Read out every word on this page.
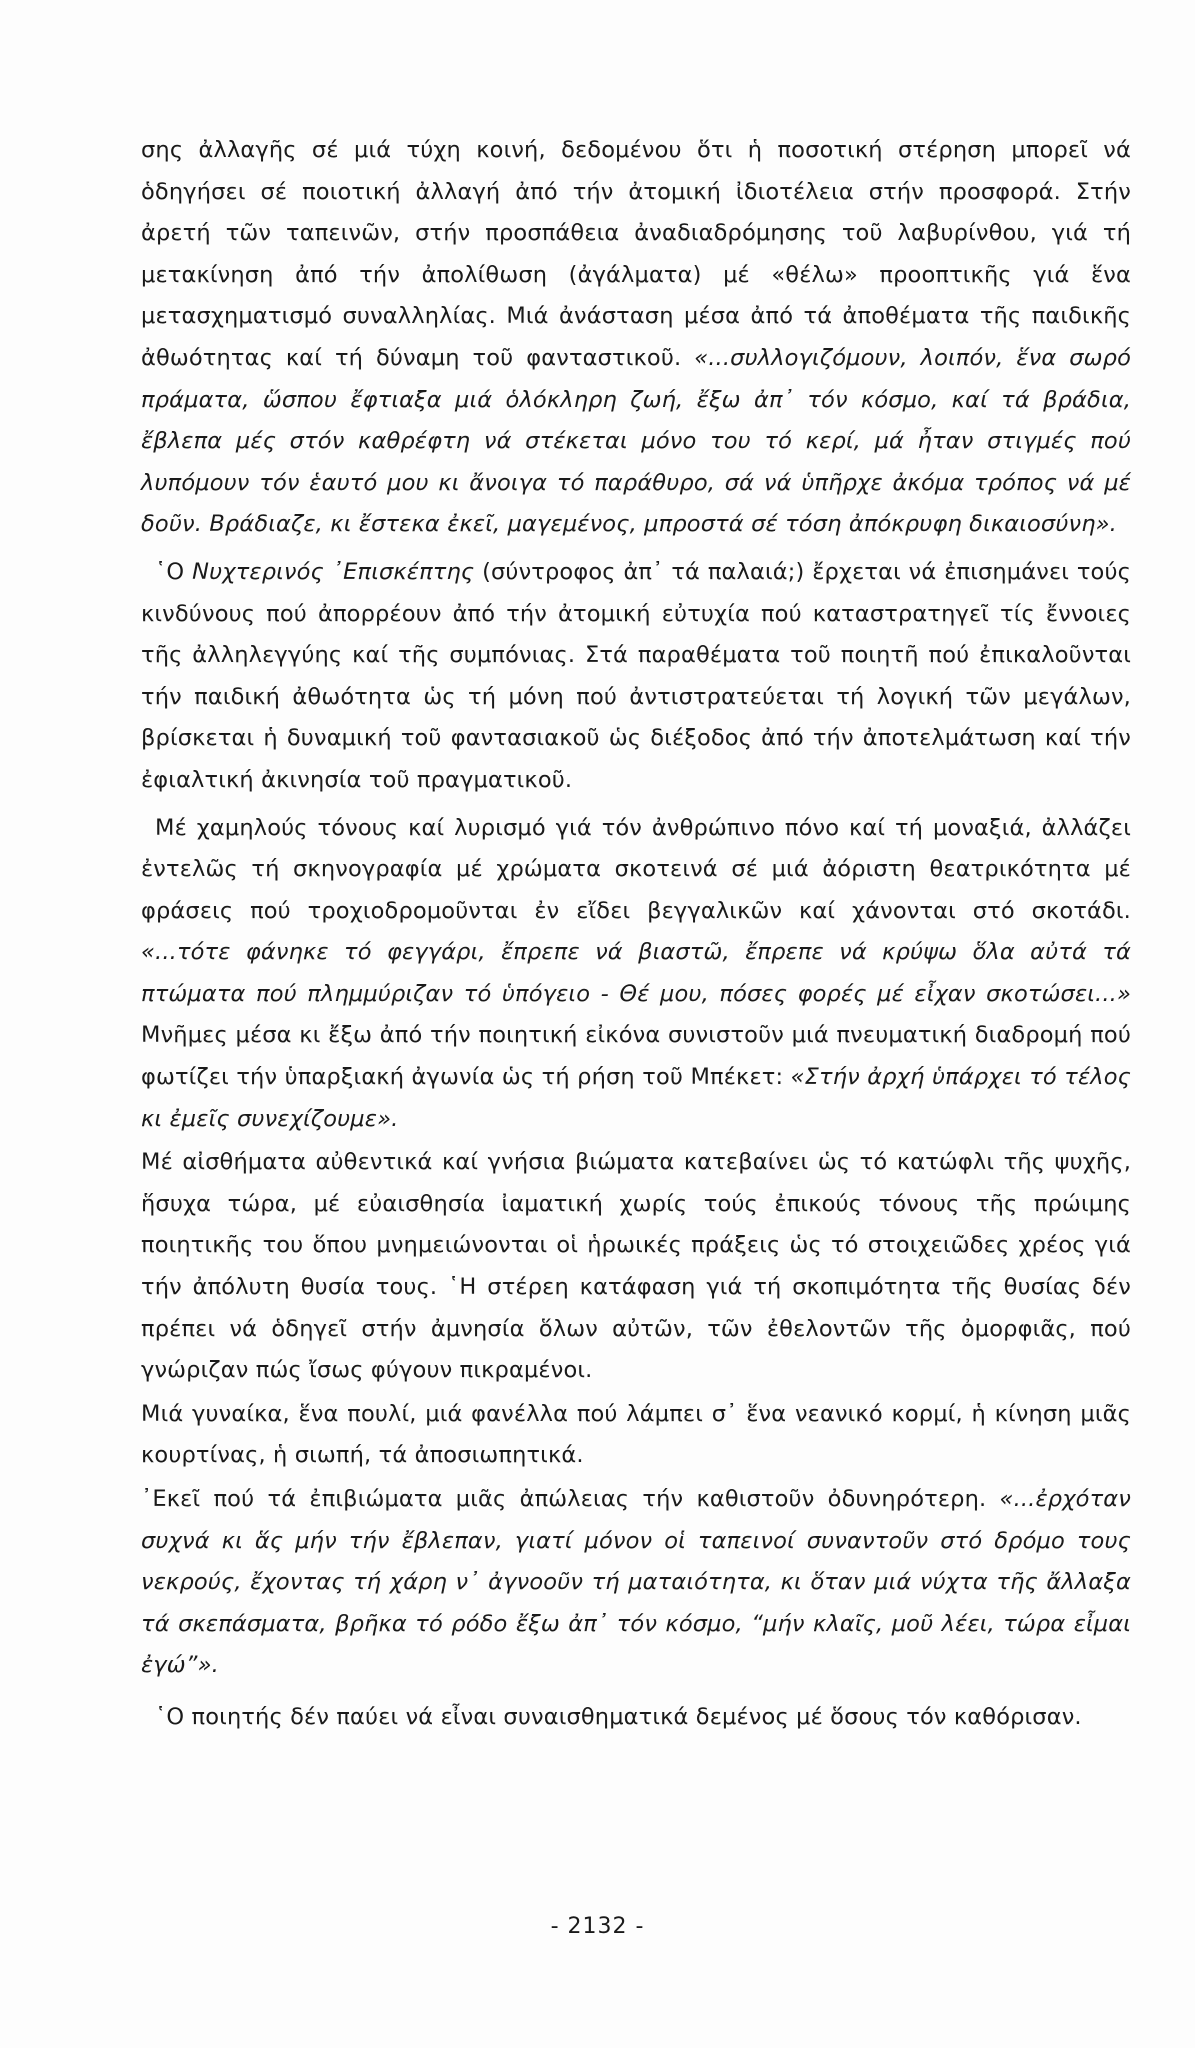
σης ἀλλαγῆς σέ μιά τύχη κοινή, δεδομένου ὅτι ἡ ποσοτική στέρηση μπορεῖ νά ὁδηγήσει σέ ποιοτική ἀλλαγή ἀπό τήν ἀτομική ἰδιοτέλεια στήν προσφορά. Στήν ἀρετή τῶν ταπεινῶν, στήν προσπάθεια ἀναδιαδρόμησης τοῦ λαβυρίνθου, γιά τή μετακίνηση ἀπό τήν ἀπολίθωση (ἀγάλματα) μέ «θέλω» προοπτικῆς γιά ἕνα μετασχηματισμό συναλληλίας. Μιά ἀνάσταση μέσα ἀπό τά ἀποθέματα τῆς παιδικῆς ἀθωότητας καί τή δύναμη τοῦ φανταστικοῦ. «...συλλογιζόμουν, λοιπόν, ἕνα σωρό πράματα, ὥσπου ἔφτιαξα μιά ὁλόκληρη ζωή, ἔξω ἀπ᾽ τόν κόσμο, καί τά βράδια, ἔβλεπα μές στόν καθρέφτη νά στέκεται μόνο του τό κερί, μά ἦταν στιγμές πού λυπόμουν τόν ἑαυτό μου κι ἄνοιγα τό παράθυρο, σά νά ὑπῆρχε ἀκόμα τρόπος νά μέ δοῦν. Βράδιαζε, κι ἔστεκα ἐκεῖ, μαγεμένος, μπροστά σέ τόση ἀπόκρυφη δικαιοσύνη».

῾Ο Νυχτερινός ᾽Επισκέπτης (σύντροφος ἀπ᾽ τά παλαιά;) ἔρχεται νά ἐπισημάνει τούς κινδύνους πού ἀπορρέουν ἀπό τήν ἀτομική εὐτυχία πού καταστρατηγεῖ τίς ἔννοιες τῆς ἀλληλεγγύης καί τῆς συμπόνιας. Στά παραθέματα τοῦ ποιητῆ πού ἐπικαλοῦνται τήν παιδική ἀθωότητα ὡς τή μόνη πού ἀντιστρατεύεται τή λογική τῶν μεγάλων, βρίσκεται ἡ δυναμική τοῦ φαντασιακοῦ ὡς διέξοδος ἀπό τήν ἀποτελμάτωση καί τήν ἐφιαλτική ἀκινησία τοῦ πραγματικοῦ.

Μέ χαμηλούς τόνους καί λυρισμό γιά τόν ἀνθρώπινο πόνο καί τή μοναξιά, ἀλλάζει ἐντελῶς τή σκηνογραφία μέ χρώματα σκοτεινά σέ μιά ἀόριστη θεατρικότητα μέ φράσεις πού τροχιοδρομοῦνται ἐν εἴδει βεγγαλικῶν καί χάνονται στό σκοτάδι. «...τότε φάνηκε τό φεγγάρι, ἔπρεπε νά βιαστῶ, ἔπρεπε νά κρύψω ὅλα αὐτά τά πτώματα πού πλημμύριζαν τό ὑπόγειο - Θέ μου, πόσες φορές μέ εἶχαν σκοτώσει...» Μνῆμες μέσα κι ἔξω ἀπό τήν ποιητική εἰκόνα συνιστοῦν μιά πνευματική διαδρομή πού φωτίζει τήν ὑπαρξιακή ἀγωνία ὡς τή ρήση τοῦ Μπέκετ: «Στήν ἀρχή ὑπάρχει τό τέλος κι ἐμεῖς συνεχίζουμε».

Μέ αἰσθήματα αὐθεντικά καί γνήσια βιώματα κατεβαίνει ὡς τό κατώφλι τῆς ψυχῆς, ἥσυχα τώρα, μέ εὐαισθησία ἰαματική χωρίς τούς ἐπικούς τόνους τῆς πρώιμης ποιητικῆς του ὅπου μνημειώνονται οἱ ἡρωικές πράξεις ὡς τό στοιχειῶδες χρέος γιά τήν ἀπόλυτη θυσία τους. ῾Η στέρεη κατάφαση γιά τή σκοπιμότητα τῆς θυσίας δέν πρέπει νά ὁδηγεῖ στήν ἀμνησία ὅλων αὐτῶν, τῶν ἐθελοντῶν τῆς ὀμορφιᾶς, πού γνώριζαν πώς ἴσως φύγουν πικραμένοι.

Μιά γυναίκα, ἕνα πουλί, μιά φανέλλα πού λάμπει σ᾽ ἕνα νεανικό κορμί, ἡ κίνηση μιᾶς κουρτίνας, ἡ σιωπή, τά ἀποσιωπητικά.

᾽Εκεῖ πού τά ἐπιβιώματα μιᾶς ἀπώλειας τήν καθιστοῦν ὀδυνηρότερη. «...ἐρχόταν συχνά κι ἅς μήν τήν ἔβλεπαν, γιατί μόνον οἱ ταπεινοί συναντοῦν στό δρόμο τους νεκρούς, ἔχοντας τή χάρη ν᾽ ἀγνοοῦν τή ματαιότητα, κι ὅταν μιά νύχτα τῆς ἄλλαξα τά σκεπάσματα, βρῆκα τό ρόδο ἔξω ἀπ᾽ τόν κόσμο, “μήν κλαῖς, μοῦ λέει, τώρα εἶμαι ἐγώ”».

῾Ο ποιητής δέν παύει νά εἶναι συναισθηματικά δεμένος μέ ὅσους τόν καθόρισαν.

- 2132 -
